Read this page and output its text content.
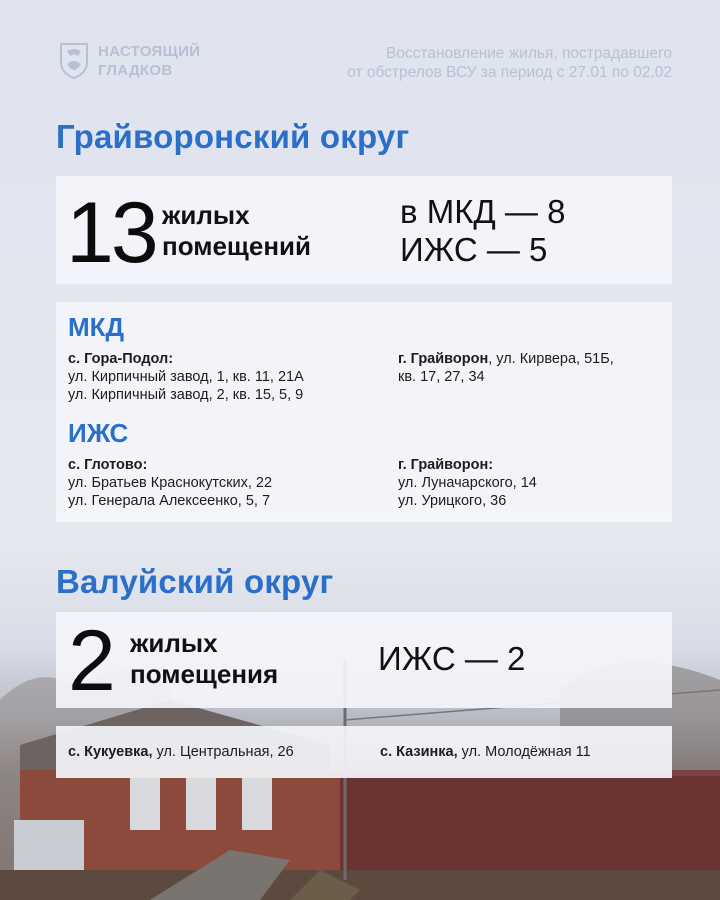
НАСТОЯЩИЙ
ГЛАДКОВ
Восстановление жилья, пострадавшего
от обстрелов ВСУ за период с 27.01 по 02.02
Грайворонский округ
13 жилых
помещений
в МКД — 8
ИЖС — 5
МКД
с. Гора-Подол:
ул. Кирпичный завод, 1, кв. 11, 21А
ул. Кирпичный завод, 2, кв. 15, 5, 9
г. Грайворон, ул. Кирвера, 51Б,
кв. 17, 27, 34
ИЖС
с. Глотово:
ул. Братьев Краснокутских, 22
ул. Генерала Алексеенко, 5, 7
г. Грайворон:
ул. Луначарского, 14
ул. Урицкого, 36
Валуйский округ
2 жилых
помещения	ИЖС — 2
с. Кукуевка, ул. Центральная, 26	с. Казинка, ул. Молодёжная 11
